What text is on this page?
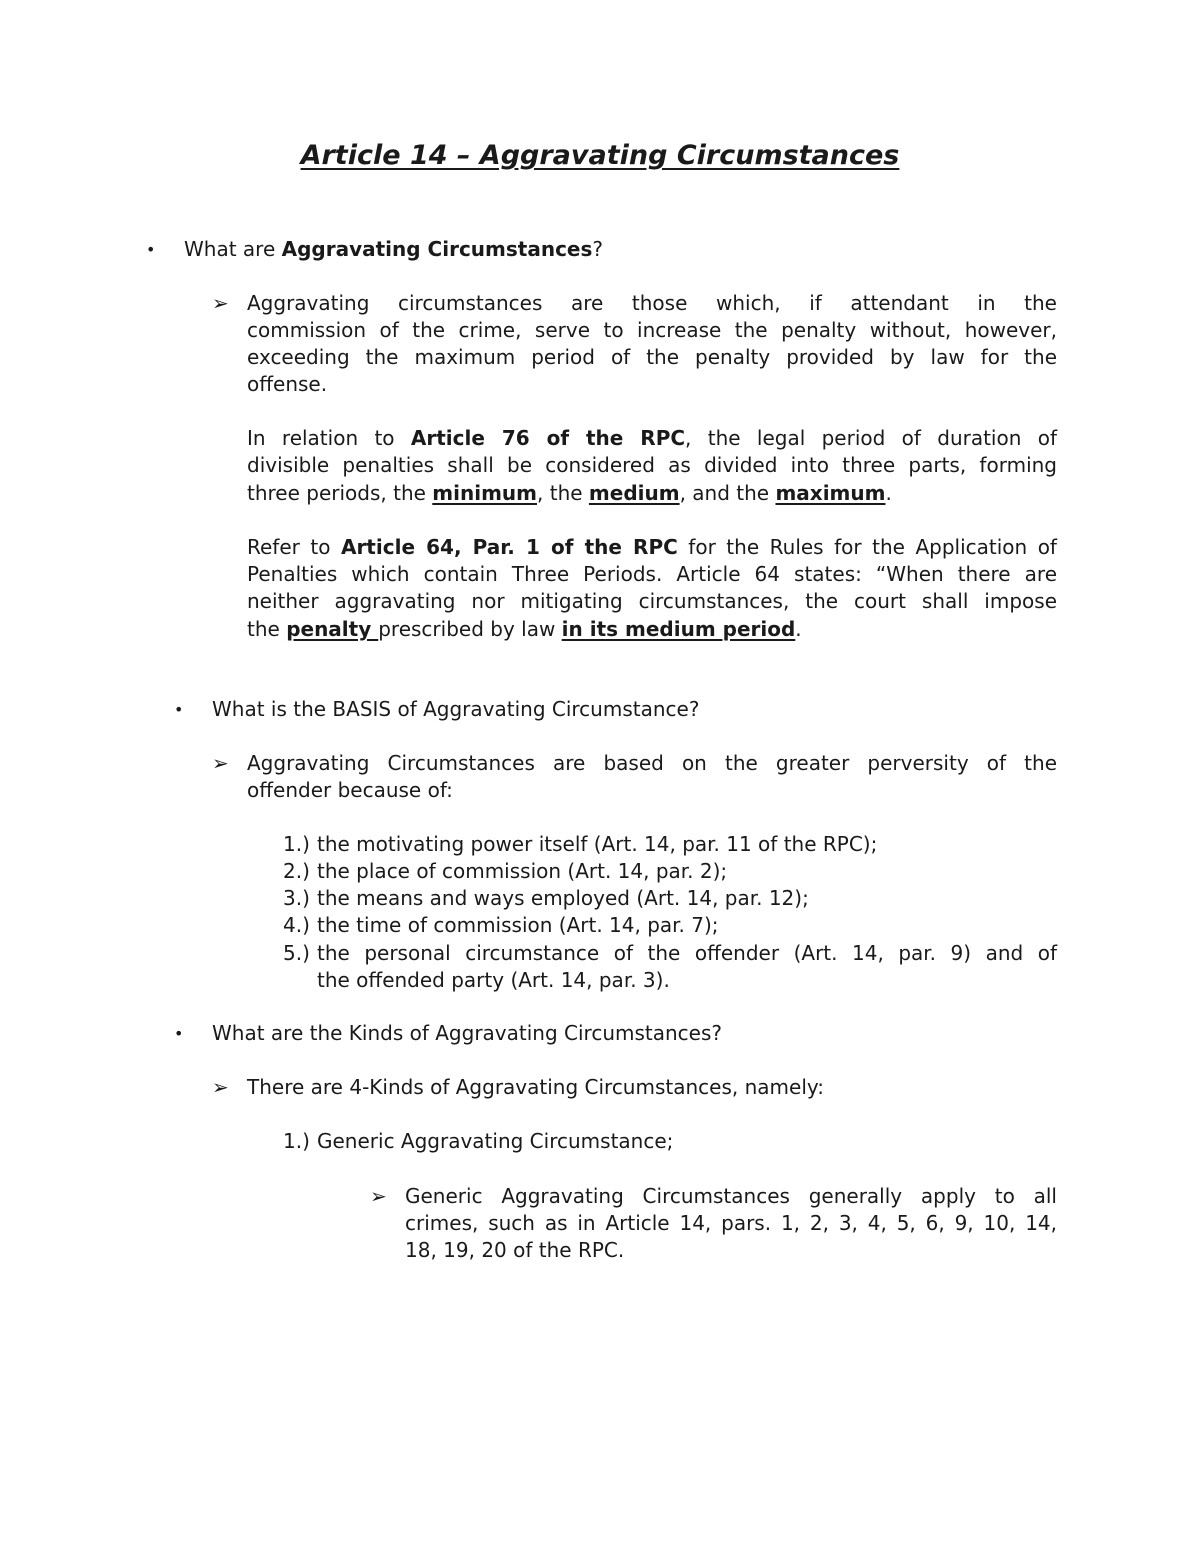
Article 14 – Aggravating Circumstances
• What are Aggravating Circumstances?
➢ Aggravating circumstances are those which, if attendant in the
commission of the crime, serve to increase the penalty without, however,
exceeding the maximum period of the penalty provided by law for the
offense.
In relation to Article 76 of the RPC, the legal period of duration of
divisible penalties shall be considered as divided into three parts, forming
three periods, the minimum, the medium, and the maximum.
Refer to Article 64, Par. 1 of the RPC for the Rules for the Application of
Penalties which contain Three Periods. Article 64 states: “When there are
neither aggravating nor mitigating circumstances, the court shall impose
the penalty prescribed by law in its medium period.
• What is the BASIS of Aggravating Circumstance?
➢ Aggravating Circumstances are based on the greater perversity of the
offender because of:
1.) the motivating power itself (Art. 14, par. 11 of the RPC);
2.) the place of commission (Art. 14, par. 2);
3.) the means and ways employed (Art. 14, par. 12);
4.) the time of commission (Art. 14, par. 7);
5.) the personal circumstance of the offender (Art. 14, par. 9) and of
the offended party (Art. 14, par. 3).
• What are the Kinds of Aggravating Circumstances?
➢ There are 4-Kinds of Aggravating Circumstances, namely:
1.) Generic Aggravating Circumstance;
➢ Generic Aggravating Circumstances generally apply to all
crimes, such as in Article 14, pars. 1, 2, 3, 4, 5, 6, 9, 10, 14,
18, 19, 20 of the RPC.
